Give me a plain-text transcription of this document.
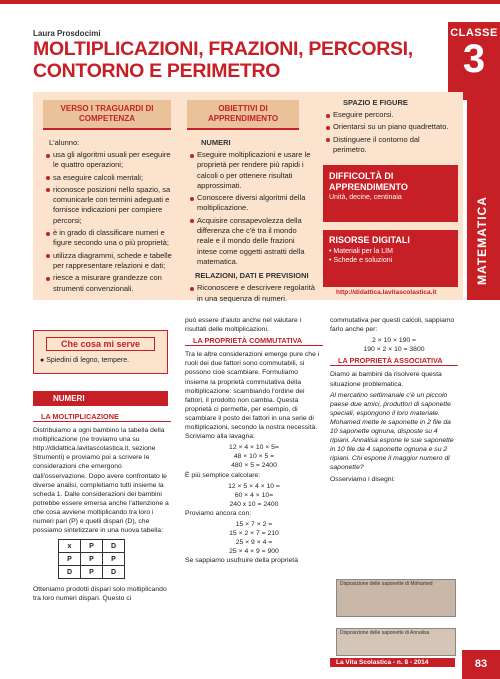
Laura Prosdocimi
MOLTIPLICAZIONI, FRAZIONI, PERCORSI, CONTORNO E PERIMETRO
CLASSE
3
VERSO I TRAGUARDI DI COMPETENZA
L'alunno:
usa gli algoritmi usuali per eseguire le quattro operazioni;
sa eseguire calcoli mentali;
riconosce posizioni nello spazio, sa comunicarle con termini adeguati e fornisce indicazioni per compiere percorsi;
è in grado di classificare numeri e figure secondo una o più proprietà;
utilizza diagrammi, schede e tabelle per rappresentare relazioni e dati;
riesce a misurare grandezze con strumenti convenzionali.
OBIETTIVI DI APPRENDIMENTO
NUMERI
Eseguire moltiplicazioni e usare le proprietà per rendere più rapidi i calcoli o per ottenere risultati approssimati.
Conoscere diversi algoritmi della moltiplicazione.
Acquisire consapevolezza della differenza che c'è tra il mondo reale e il mondo delle frazioni intese come oggetti astratti della matematica.
RELAZIONI, DATI E PREVISIONI
Riconoscere e descrivere regolarità in una sequenza di numeri.
SPAZIO E FIGURE
Eseguire percorsi.
Orientarsi su un piano quadrettato.
Distinguere il contorno dal perimetro.
DIFFICOLTÀ DI APPRENDIMENTO
Unità, decine, centinaia
RISORSE DIGITALI
• Materiali per la LIM
• Schede e soluzioni
http://didattica.lavitascolastica.it
MATEMATICA
Che cosa mi serve
● Spiedini di legno, tempere.
NUMERI
LA MOLTIPLICAZIONE

Distribuiamo a ogni bambino la tabella della moltiplicazione (ne troviamo una su http://didattica.lavitascolastica.it, sezione Strumenti) e proviamo poi a scrivere le considerazioni che emergono dall'osservazione. Dopo avere confrontato le diverse analisi, completiamo tutti insieme la scheda 1. Dalle considerazioni dei bambini potrebbe essere emersa anche l'attenzione a che cosa avviene moltiplicando tra loro i numeri pari (P) e quelli dispari (D), che possiamo sintetizzare in una nuova tabella:

x	P	D
P	P	P
D	P	D

Otteniamo prodotti dispari solo moltiplicando tra loro numeri dispari. Questo ci

può essere d'aiuto anche nel valutare i risultati delle moltiplicazioni.

LA PROPRIETÀ COMMUTATIVA

Tra le altre considerazioni emerge pure che i ruoli dei due fattori sono commutabili, si possono cioè scambiare. Formuliamo insieme la proprietà commutativa della moltiplicazione: scambiando l'ordine dei fattori, il prodotto non cambia. Questa proprietà ci permette, per esempio, di scambiare il posto dei fattori in una serie di moltiplicazioni, secondo la nostra necessità. Scriviamo alla lavagna:

12 × 4 × 10 × 5=
48 × 10 × 5 =
480 × 5 = 2400

È più semplice calcolare:

12 × 5 × 4 × 10 =
60 × 4 × 10=
240 x 10 = 2400

Proviamo ancora con:

15 × 7 × 2 =
15 × 2 × 7 = 210
25 × 9 × 4 =
25 × 4 × 9 = 900

Se sappiamo usufruire della proprietà

commutativa per questi calcoli, sappiamo farlo anche per:

2 × 10 × 190 =
190 × 2 × 10 = 3800
LA PROPRIETÀ ASSOCIATIVA

Diamo ai bambini da risolvere questa situazione problematica.

Al mercatino settimanale c'è un piccolo paese due amici, produttori di saponette speciali, espongono il loro materiale. Mohamed mette le saponette in 2 file da 10 saponette ognuna, disposte su 4 ripiani. Annalisa espone le sue saponette in 10 file da 4 saponette ognuna e su 2 ripiani. Chi espone il maggior numero di saponette?

Osserviamo i disegni:

Disposizione delle saponette di Mohamed
Disposizione delle saponette di Annalisa
La Vita Scolastica - n. 8 - 2014	83
